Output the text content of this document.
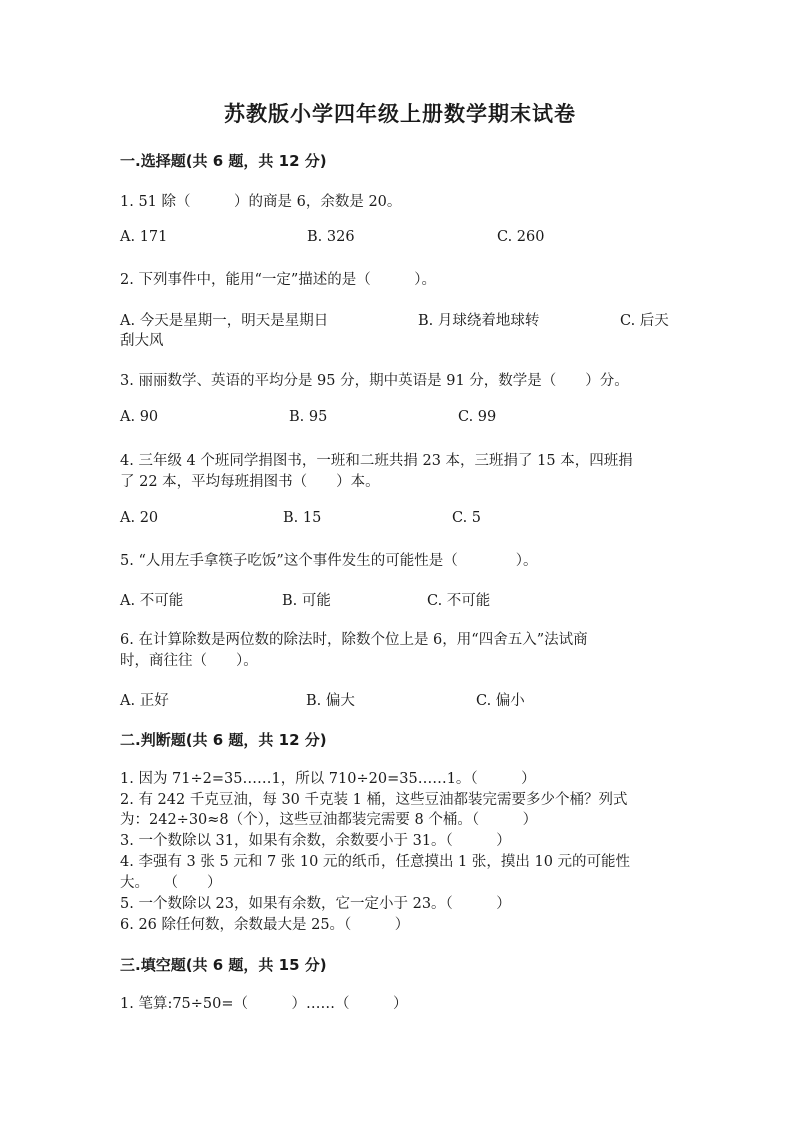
苏教版小学四年级上册数学期末试卷
一.选择题(共 6 题，共 12 分)
1. 51 除（　　　）的商是 6，余数是 20。
A. 171	B. 326	C. 260
2. 下列事件中，能用“一定”描述的是（　　　）。
A. 今天是星期一，明天是星期日	B. 月球绕着地球转	C. 后天
刮大风
3. 丽丽数学、英语的平均分是 95 分，期中英语是 91 分，数学是（　　）分。
A. 90	B. 95	C. 99
4. 三年级 4 个班同学捐图书，一班和二班共捐 23 本，三班捐了 15 本，四班捐
了 22 本，平均每班捐图书（　　）本。
A. 20	B. 15	C. 5
5. “人用左手拿筷子吃饭”这个事件发生的可能性是（　　　　）。
A. 不可能	B. 可能	C. 不可能
6. 在计算除数是两位数的除法时，除数个位上是 6，用“四舍五入”法试商
时，商往往（　　）。
A. 正好	B. 偏大	C. 偏小
二.判断题(共 6 题，共 12 分)
1. 因为 71÷2=35……1，所以 710÷20=35……1。（　　　）
2. 有 242 千克豆油，每 30 千克装 1 桶，这些豆油都装完需要多少个桶？列式
为：242÷30≈8（个），这些豆油都装完需要 8 个桶。（　　　）
3. 一个数除以 31，如果有余数，余数要小于 31。（　　　）
4. 李强有 3 张 5 元和 7 张 10 元的纸币，任意摸出 1 张，摸出 10 元的可能性
大。　　（　　）
5. 一个数除以 23，如果有余数，它一定小于 23。（　　　）
6. 26 除任何数，余数最大是 25。（　　　）
三.填空题(共 6 题，共 15 分)
1. 笔算:75÷50=（　　　）……（　　　）
